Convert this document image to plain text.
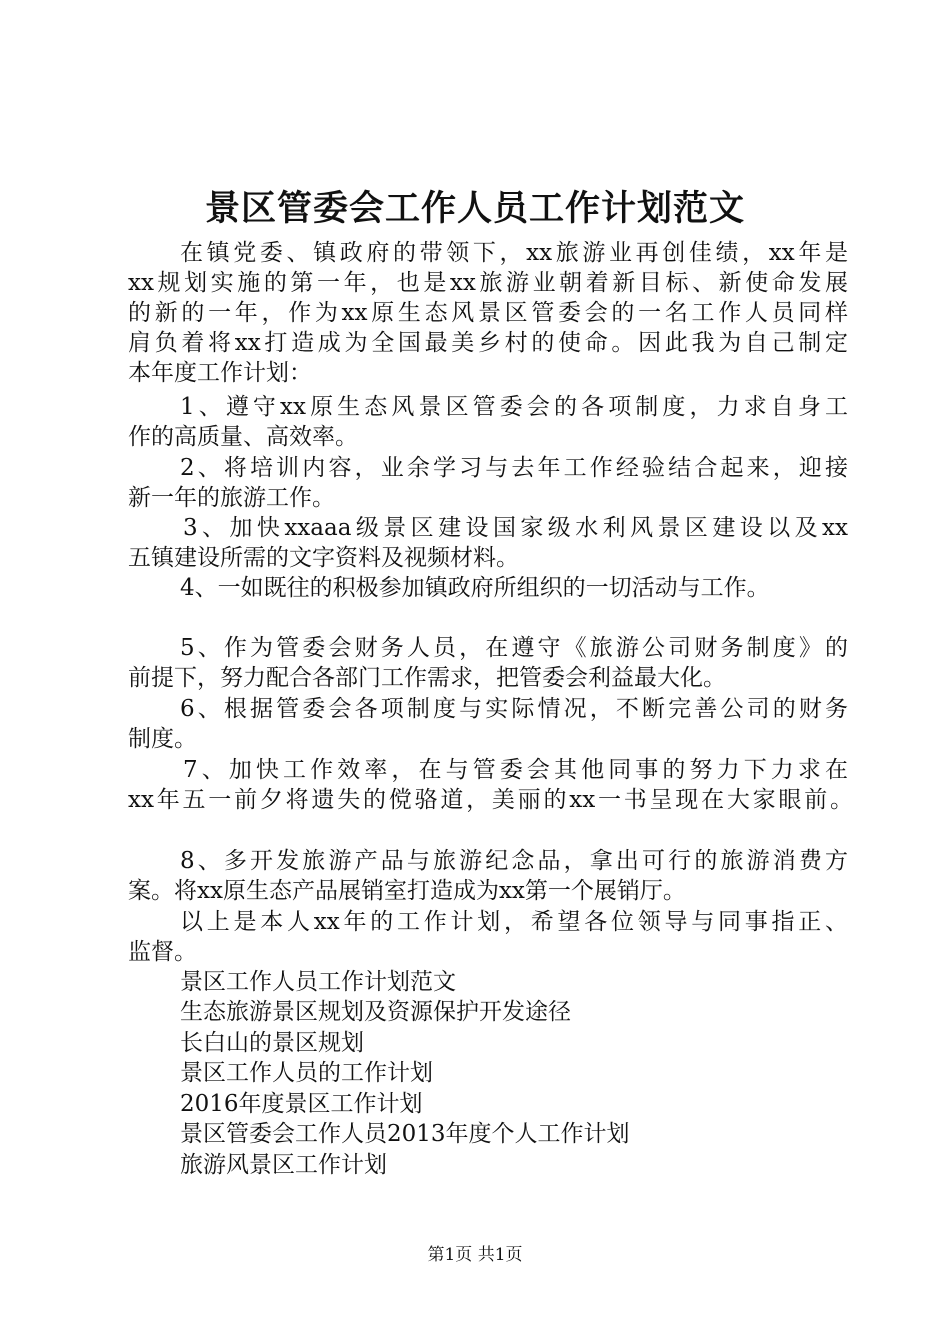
景区管委会工作人员工作计划范文
在镇党委、镇政府的带领下，xx旅游业再创佳绩，xx年是
xx规划实施的第一年，也是xx旅游业朝着新目标、新使命发展
的新的一年，作为xx原生态风景区管委会的一名工作人员同样
肩负着将xx打造成为全国最美乡村的使命。因此我为自己制定
本年度工作计划：
1、遵守xx原生态风景区管委会的各项制度，力求自身工
作的高质量、高效率。
2、将培训内容，业余学习与去年工作经验结合起来，迎接
新一年的旅游工作。
3、加快xxaaa级景区建设国家级水利风景区建设以及xx
五镇建设所需的文字资料及视频材料。
4、一如既往的积极参加镇政府所组织的一切活动与工作。
5、作为管委会财务人员，在遵守《旅游公司财务制度》的
前提下，努力配合各部门工作需求，把管委会利益最大化。
6、根据管委会各项制度与实际情况，不断完善公司的财务
制度。
7、加快工作效率，在与管委会其他同事的努力下力求在
xx年五一前夕将遗失的傥骆道，美丽的xx一书呈现在大家眼前。
8、多开发旅游产品与旅游纪念品，拿出可行的旅游消费方
案。将xx原生态产品展销室打造成为xx第一个展销厅。
以上是本人xx年的工作计划，希望各位领导与同事指正、
监督。
景区工作人员工作计划范文
生态旅游景区规划及资源保护开发途径
长白山的景区规划
景区工作人员的工作计划
2016年度景区工作计划
景区管委会工作人员2013年度个人工作计划
旅游风景区工作计划
第1页 共1页
